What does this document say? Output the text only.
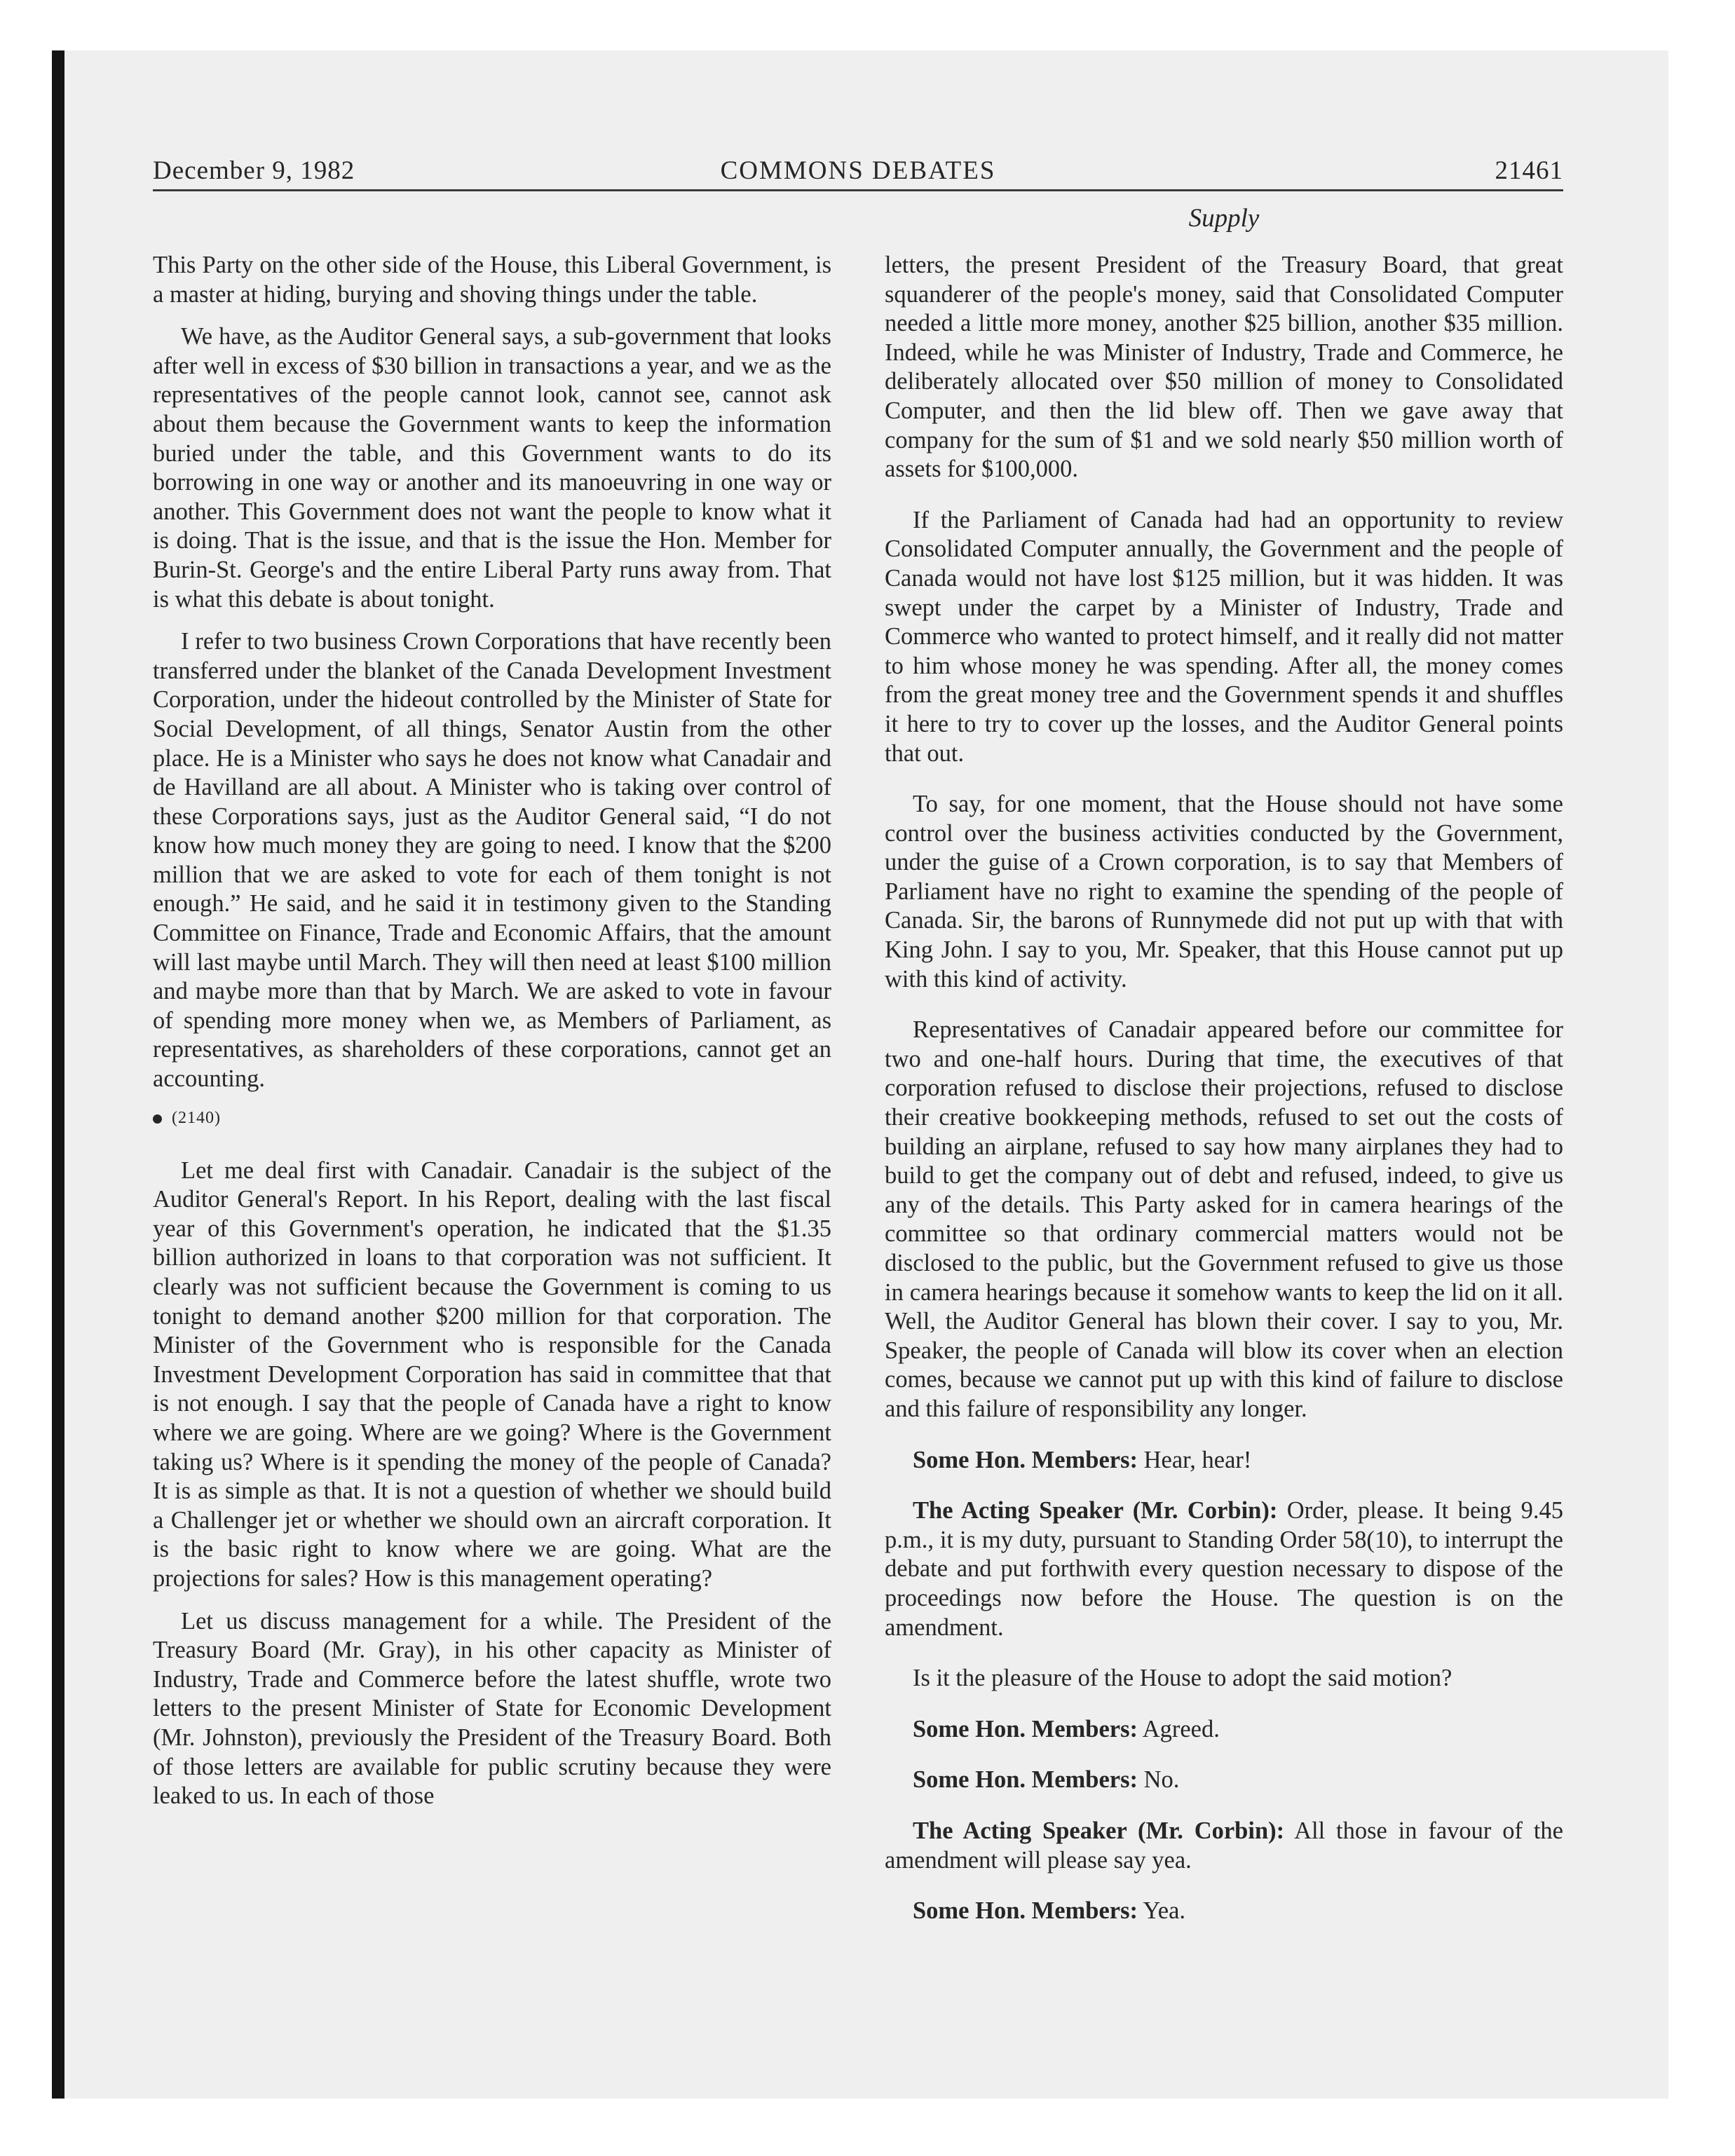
December 9, 1982	COMMONS DEBATES	21461
Supply

This Party on the other side of the House, this Liberal Government, is a master at hiding, burying and shoving things under the table.

We have, as the Auditor General says, a sub-government that looks after well in excess of $30 billion in transactions a year, and we as the representatives of the people cannot look, cannot see, cannot ask about them because the Government wants to keep the information buried under the table, and this Government wants to do its borrowing in one way or another and its manoeuvring in one way or another. This Government does not want the people to know what it is doing. That is the issue, and that is the issue the Hon. Member for Burin-St. George's and the entire Liberal Party runs away from. That is what this debate is about tonight.

I refer to two business Crown Corporations that have recently been transferred under the blanket of the Canada Development Investment Corporation, under the hideout controlled by the Minister of State for Social Development, of all things, Senator Austin from the other place. He is a Minister who says he does not know what Canadair and de Havilland are all about. A Minister who is taking over control of these Corporations says, just as the Auditor General said, “I do not know how much money they are going to need. I know that the $200 million that we are asked to vote for each of them tonight is not enough.” He said, and he said it in testimony given to the Standing Committee on Finance, Trade and Economic Affairs, that the amount will last maybe until March. They will then need at least $100 million and maybe more than that by March. We are asked to vote in favour of spending more money when we, as Members of Parliament, as representatives, as shareholders of these corporations, cannot get an accounting.

(2140)

Let me deal first with Canadair. Canadair is the subject of the Auditor General's Report. In his Report, dealing with the last fiscal year of this Government's operation, he indicated that the $1.35 billion authorized in loans to that corporation was not sufficient. It clearly was not sufficient because the Government is coming to us tonight to demand another $200 million for that corporation. The Minister of the Government who is responsible for the Canada Investment Development Corporation has said in committee that that is not enough. I say that the people of Canada have a right to know where we are going. Where are we going? Where is the Government taking us? Where is it spending the money of the people of Canada? It is as simple as that. It is not a question of whether we should build a Challenger jet or whether we should own an aircraft corporation. It is the basic right to know where we are going. What are the projections for sales? How is this management operating?

Let us discuss management for a while. The President of the Treasury Board (Mr. Gray), in his other capacity as Minister of Industry, Trade and Commerce before the latest shuffle, wrote two letters to the present Minister of State for Economic Development (Mr. Johnston), previously the President of the Treasury Board. Both of those letters are available for public scrutiny because they were leaked to us. In each of those

letters, the present President of the Treasury Board, that great squanderer of the people's money, said that Consolidated Computer needed a little more money, another $25 billion, another $35 million. Indeed, while he was Minister of Industry, Trade and Commerce, he deliberately allocated over $50 million of money to Consolidated Computer, and then the lid blew off. Then we gave away that company for the sum of $1 and we sold nearly $50 million worth of assets for $100,000.

If the Parliament of Canada had had an opportunity to review Consolidated Computer annually, the Government and the people of Canada would not have lost $125 million, but it was hidden. It was swept under the carpet by a Minister of Industry, Trade and Commerce who wanted to protect himself, and it really did not matter to him whose money he was spending. After all, the money comes from the great money tree and the Government spends it and shuffles it here to try to cover up the losses, and the Auditor General points that out.

To say, for one moment, that the House should not have some control over the business activities conducted by the Government, under the guise of a Crown corporation, is to say that Members of Parliament have no right to examine the spending of the people of Canada. Sir, the barons of Runnymede did not put up with that with King John. I say to you, Mr. Speaker, that this House cannot put up with this kind of activity.

Representatives of Canadair appeared before our committee for two and one-half hours. During that time, the executives of that corporation refused to disclose their projections, refused to disclose their creative bookkeeping methods, refused to set out the costs of building an airplane, refused to say how many airplanes they had to build to get the company out of debt and refused, indeed, to give us any of the details. This Party asked for in camera hearings of the committee so that ordinary commercial matters would not be disclosed to the public, but the Government refused to give us those in camera hearings because it somehow wants to keep the lid on it all. Well, the Auditor General has blown their cover. I say to you, Mr. Speaker, the people of Canada will blow its cover when an election comes, because we cannot put up with this kind of failure to disclose and this failure of responsibility any longer.

Some Hon. Members: Hear, hear!

The Acting Speaker (Mr. Corbin): Order, please. It being 9.45 p.m., it is my duty, pursuant to Standing Order 58(10), to interrupt the debate and put forthwith every question necessary to dispose of the proceedings now before the House. The question is on the amendment.

Is it the pleasure of the House to adopt the said motion?

Some Hon. Members: Agreed.

Some Hon. Members: No.

The Acting Speaker (Mr. Corbin): All those in favour of the amendment will please say yea.

Some Hon. Members: Yea.
